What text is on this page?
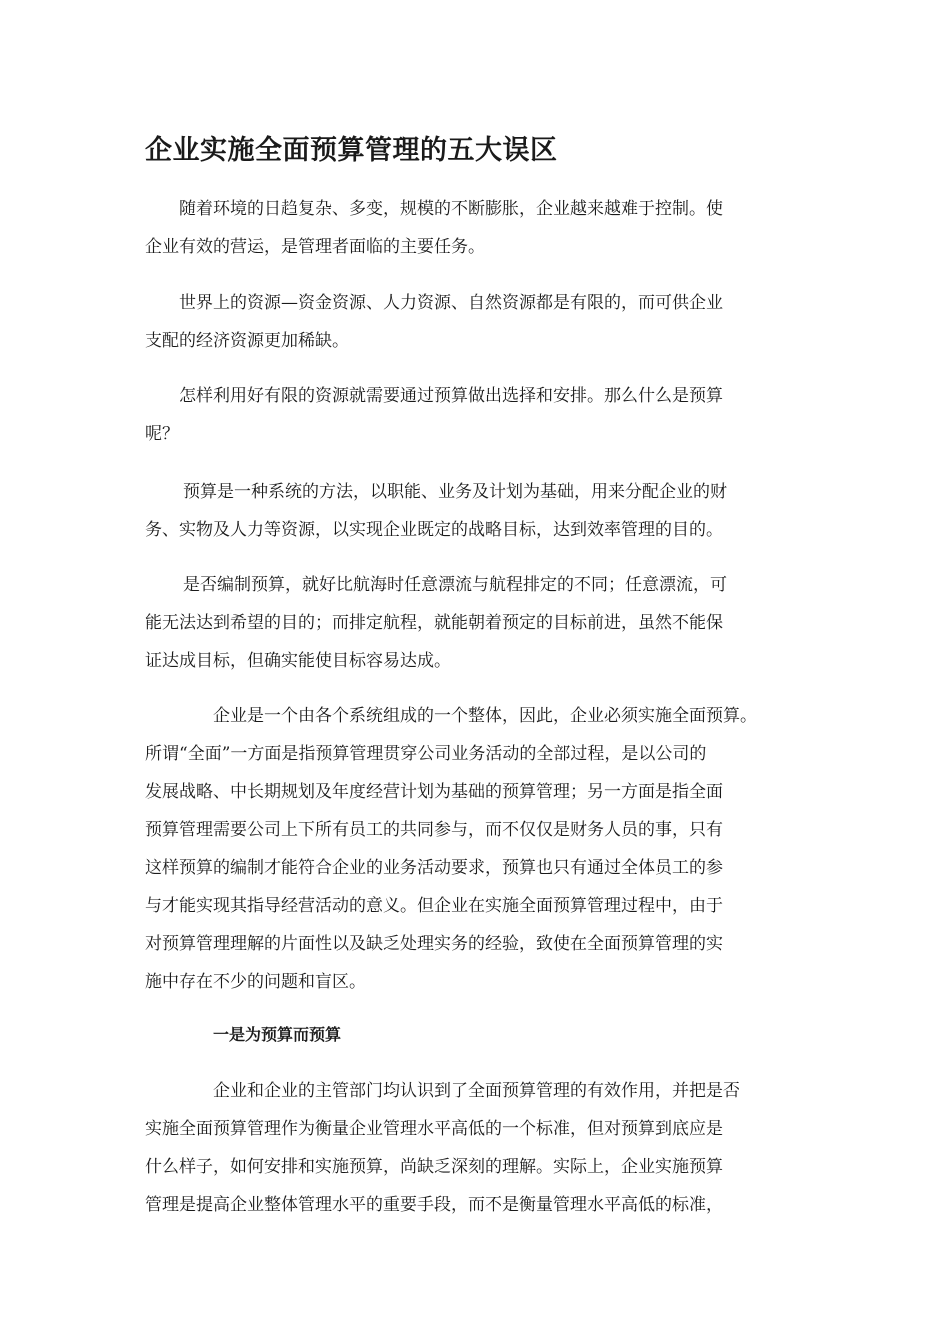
企业实施全面预算管理的五大误区

随着环境的日趋复杂、多变，规模的不断膨胀，企业越来越难于控制。使
企业有效的营运，是管理者面临的主要任务。

世界上的资源—资金资源、人力资源、自然资源都是有限的，而可供企业
支配的经济资源更加稀缺。

怎样利用好有限的资源就需要通过预算做出选择和安排。那么什么是预算
呢？

预算是一种系统的方法，以职能、业务及计划为基础，用来分配企业的财
务、实物及人力等资源，以实现企业既定的战略目标，达到效率管理的目的。

是否编制预算，就好比航海时任意漂流与航程排定的不同；任意漂流，可
能无法达到希望的目的；而排定航程，就能朝着预定的目标前进，虽然不能保
证达成目标，但确实能使目标容易达成。

企业是一个由各个系统组成的一个整体，因此，企业必须实施全面预算。
所谓“全面”一方面是指预算管理贯穿公司业务活动的全部过程，是以公司的
发展战略、中长期规划及年度经营计划为基础的预算管理；另一方面是指全面
预算管理需要公司上下所有员工的共同参与，而不仅仅是财务人员的事，只有
这样预算的编制才能符合企业的业务活动要求，预算也只有通过全体员工的参
与才能实现其指导经营活动的意义。但企业在实施全面预算管理过程中，由于
对预算管理理解的片面性以及缺乏处理实务的经验，致使在全面预算管理的实
施中存在不少的问题和盲区。

一是为预算而预算

企业和企业的主管部门均认识到了全面预算管理的有效作用，并把是否
实施全面预算管理作为衡量企业管理水平高低的一个标准，但对预算到底应是
什么样子，如何安排和实施预算，尚缺乏深刻的理解。实际上，企业实施预算
管理是提高企业整体管理水平的重要手段，而不是衡量管理水平高低的标准，
